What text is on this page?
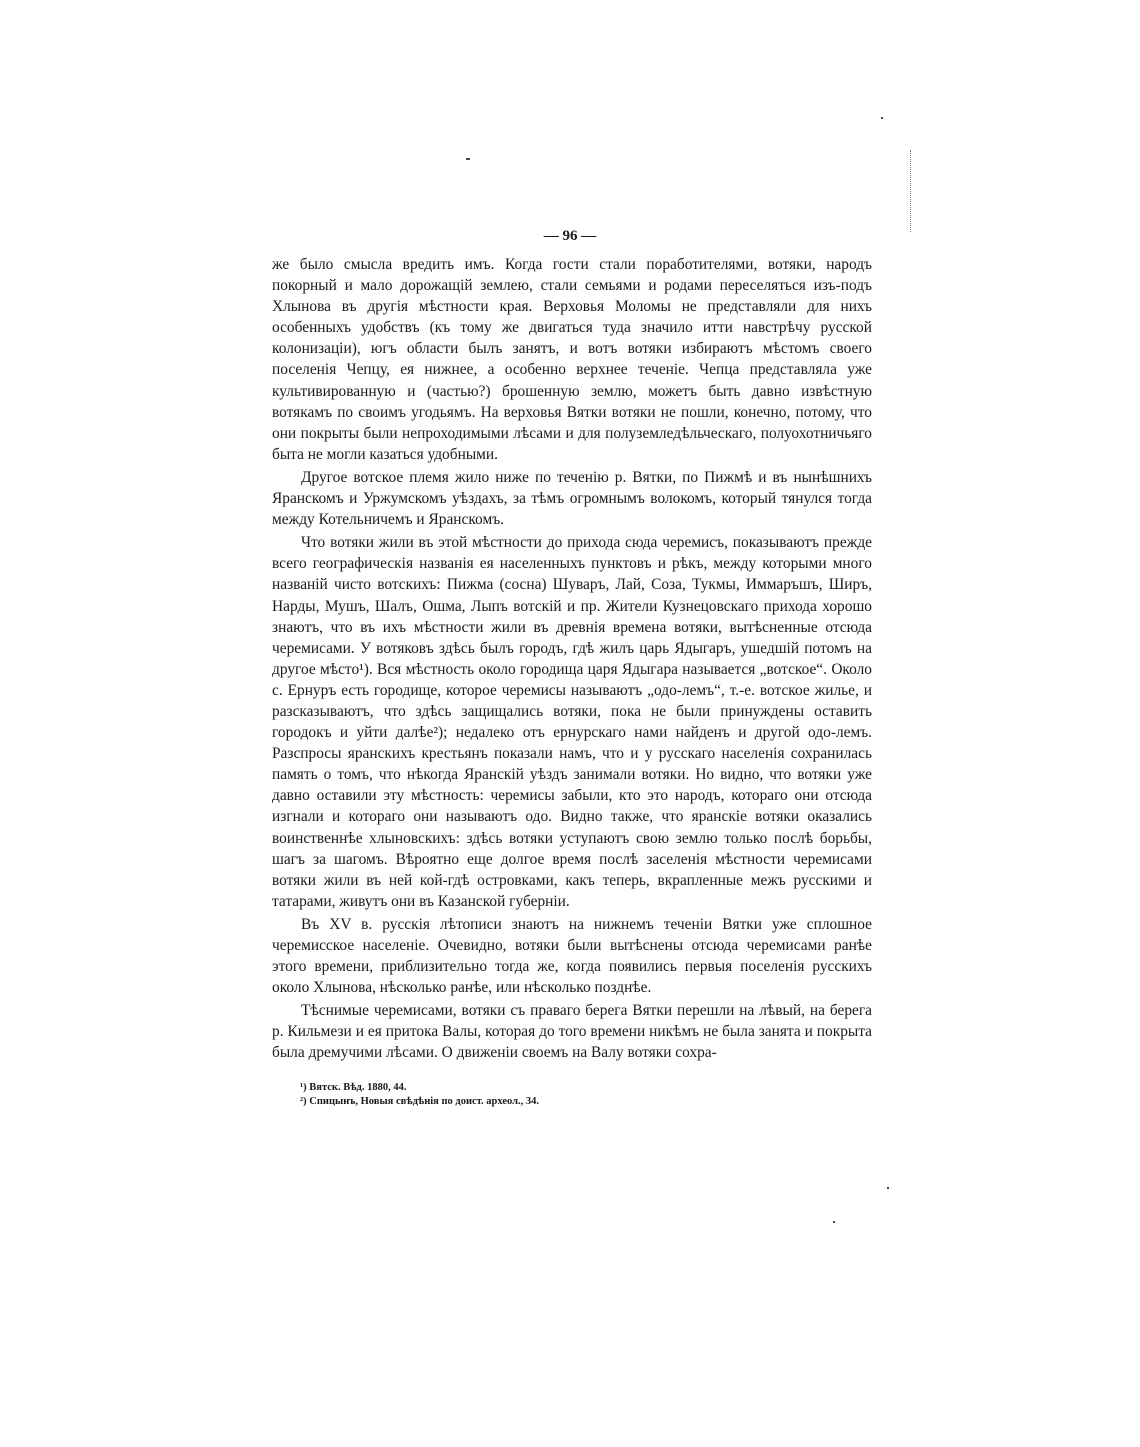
— 96 —

же было смысла вредить имъ. Когда гости стали поработителями, вотяки, народъ покорный и мало дорожащій землею, стали семьями и родами переселяться изъ-подъ Хлынова въ другія мѣстности края. Верховья Моломы не представляли для нихъ особенныхъ удобствъ (къ тому же двигаться туда значило итти навстрѣчу русской колонизаціи), югъ области былъ занятъ, и вотъ вотяки избираютъ мѣстомъ своего поселенія Чепцу, ея нижнее, а особенно верхнее теченіе. Чепца представляла уже культивированную и (частью?) брошенную землю, можетъ быть давно извѣстную вотякамъ по своимъ угодьямъ. На верховья Вятки вотяки не пошли, конечно, потому, что они покрыты были непроходимыми лѣсами и для полуземледѣльческаго, полуохотничьяго быта не могли казаться удобными.

Другое вотское племя жило ниже по теченію р. Вятки, по Пижмѣ и въ нынѣшнихъ Яранскомъ и Уржумскомъ уѣздахъ, за тѣмъ огромнымъ волокомъ, который тянулся тогда между Котельничемъ и Яранскомъ.

Что вотяки жили въ этой мѣстности до прихода сюда черемисъ, показываютъ прежде всего географическія названія ея населенныхъ пунктовъ и рѣкъ, между которыми много названій чисто вотскихъ: Пижма (сосна) Шуваръ, Лай, Соза, Тукмы, Иммаръшъ, Ширъ, Нарды, Мушъ, Шалъ, Ошма, Лыпъ вотскій и пр. Жители Кузнецовскаго прихода хорошо знаютъ, что въ ихъ мѣстности жили въ древнія времена вотяки, вытѣсненные отсюда черемисами. У вотяковъ здѣсь былъ городъ, гдѣ жилъ царь Ядыгаръ, ушедшій потомъ на другое мѣсто¹). Вся мѣстность около городища царя Ядыгара называется „вотское“. Около с. Ернуръ есть городище, которое черемисы называютъ „одо-лемъ“, т.-е. вотское жилье, и разсказываютъ, что здѣсь защищались вотяки, пока не были принуждены оставить городокъ и уйти далѣе²); недалеко отъ ернурскаго нами найденъ и другой одо-лемъ. Разспросы яранскихъ крестьянъ показали намъ, что и у русскаго населенія сохранилась память о томъ, что нѣкогда Яранскій уѣздъ занимали вотяки. Но видно, что вотяки уже давно оставили эту мѣстность: черемисы забыли, кто это народъ, котораго они отсюда изгнали и котораго они называютъ одо. Видно также, что яранскіе вотяки оказались воинственнѣе хлыновскихъ: здѣсь вотяки уступаютъ свою землю только послѣ борьбы, шагъ за шагомъ. Вѣроятно еще долгое время послѣ заселенія мѣстности черемисами вотяки жили въ ней кой-гдѣ островками, какъ теперь, вкрапленные межъ русскими и татарами, живутъ они въ Казанской губерніи.

Въ XV в. русскія лѣтописи знаютъ на нижнемъ теченіи Вятки уже сплошное черемисское населеніе. Очевидно, вотяки были вытѣснены отсюда черемисами ранѣе этого времени, приблизительно тогда же, когда появились первыя поселенія русскихъ около Хлынова, нѣсколько ранѣе, или нѣсколько позднѣе.

Тѣснимые черемисами, вотяки съ праваго берега Вятки перешли на лѣвый, на берега р. Кильмези и ея притока Валы, которая до того времени никѣмъ не была занята и покрыта была дремучими лѣсами. О движеніи своемъ на Валу вотяки сохра-

¹) Вятск. Вѣд. 1880, 44.

²) Спицынъ, Новыя свѣдѣнія по доист. археол., 34.
